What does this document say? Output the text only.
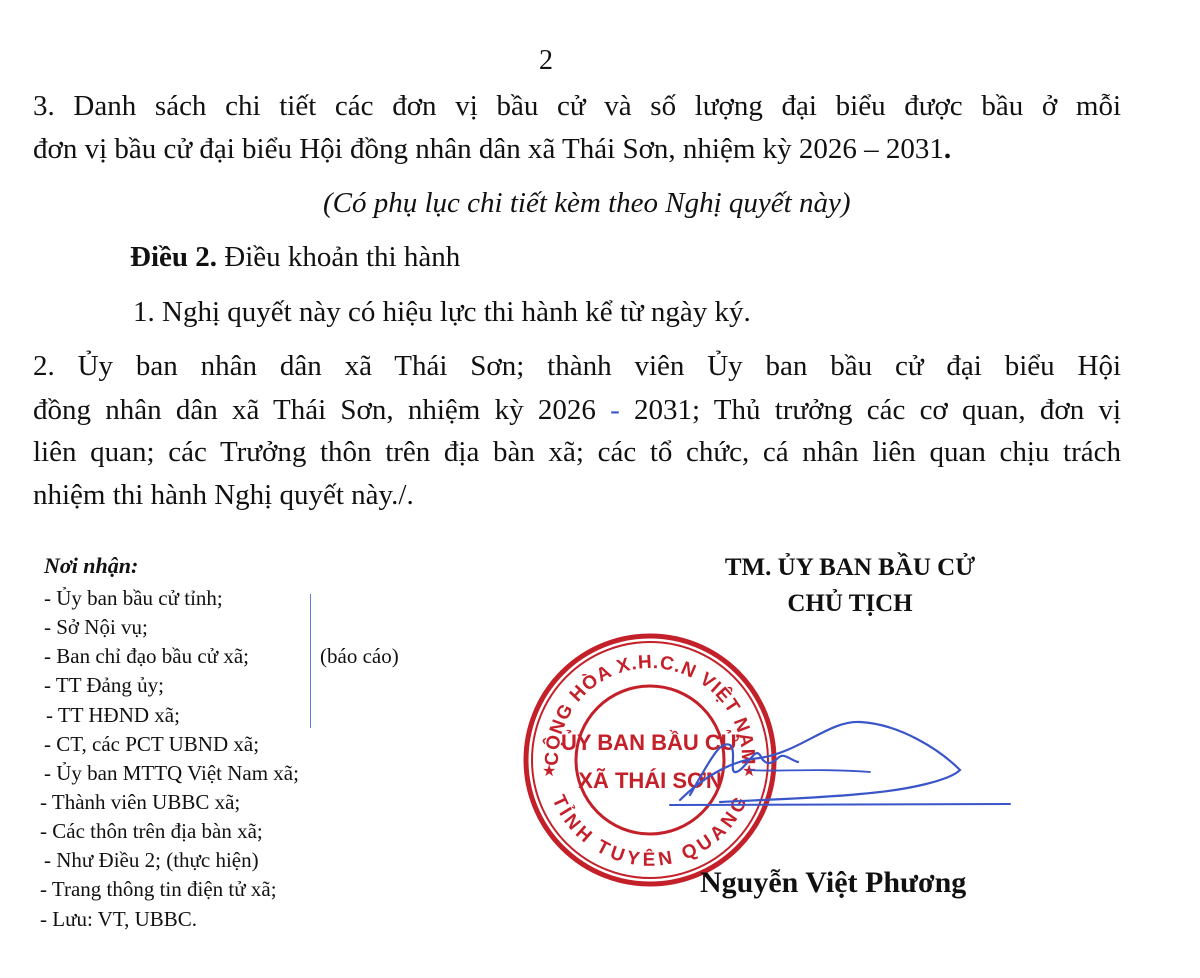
2
3. Danh sách chi tiết các đơn vị bầu cử và số lượng đại biểu được bầu ở mỗi
đơn vị bầu cử đại biểu Hội đồng nhân dân xã Thái Sơn, nhiệm kỳ 2026 – 2031.
(Có phụ lục chi tiết kèm theo Nghị quyết này)
Điều 2. Điều khoản thi hành
1. Nghị quyết này có hiệu lực thi hành kể từ ngày ký.
2. Ủy ban nhân dân xã Thái Sơn; thành viên Ủy ban bầu cử đại biểu Hội
đồng nhân dân xã Thái Sơn, nhiệm kỳ 2026 - 2031; Thủ trưởng các cơ quan, đơn vị
liên quan; các Trưởng thôn trên địa bàn xã; các tổ chức, cá nhân liên quan chịu trách
nhiệm thi hành Nghị quyết này./.
Nơi nhận:
- Ủy ban bầu cử tỉnh;
- Sở Nội vụ;
- Ban chỉ đạo bầu cử xã;
- TT Đảng ủy;
- TT HĐND xã;
- CT, các PCT UBND xã;
- Ủy ban MTTQ Việt Nam xã;
- Thành viên UBBC xã;
- Các thôn trên địa bàn xã;
- Như Điều 2; (thực hiện)
- Trang thông tin điện tử xã;
- Lưu: VT, UBBC.
(báo cáo)
TM. ỦY BAN BẦU CỬ
CHỦ TỊCH
CỘNG HÒA X.H.C.N VIỆT NAM
TỈNH TUYÊN QUANG
★	★
ỦY BAN BẦU CỬ
XÃ THÁI SƠN
Nguyễn Việt Phương
